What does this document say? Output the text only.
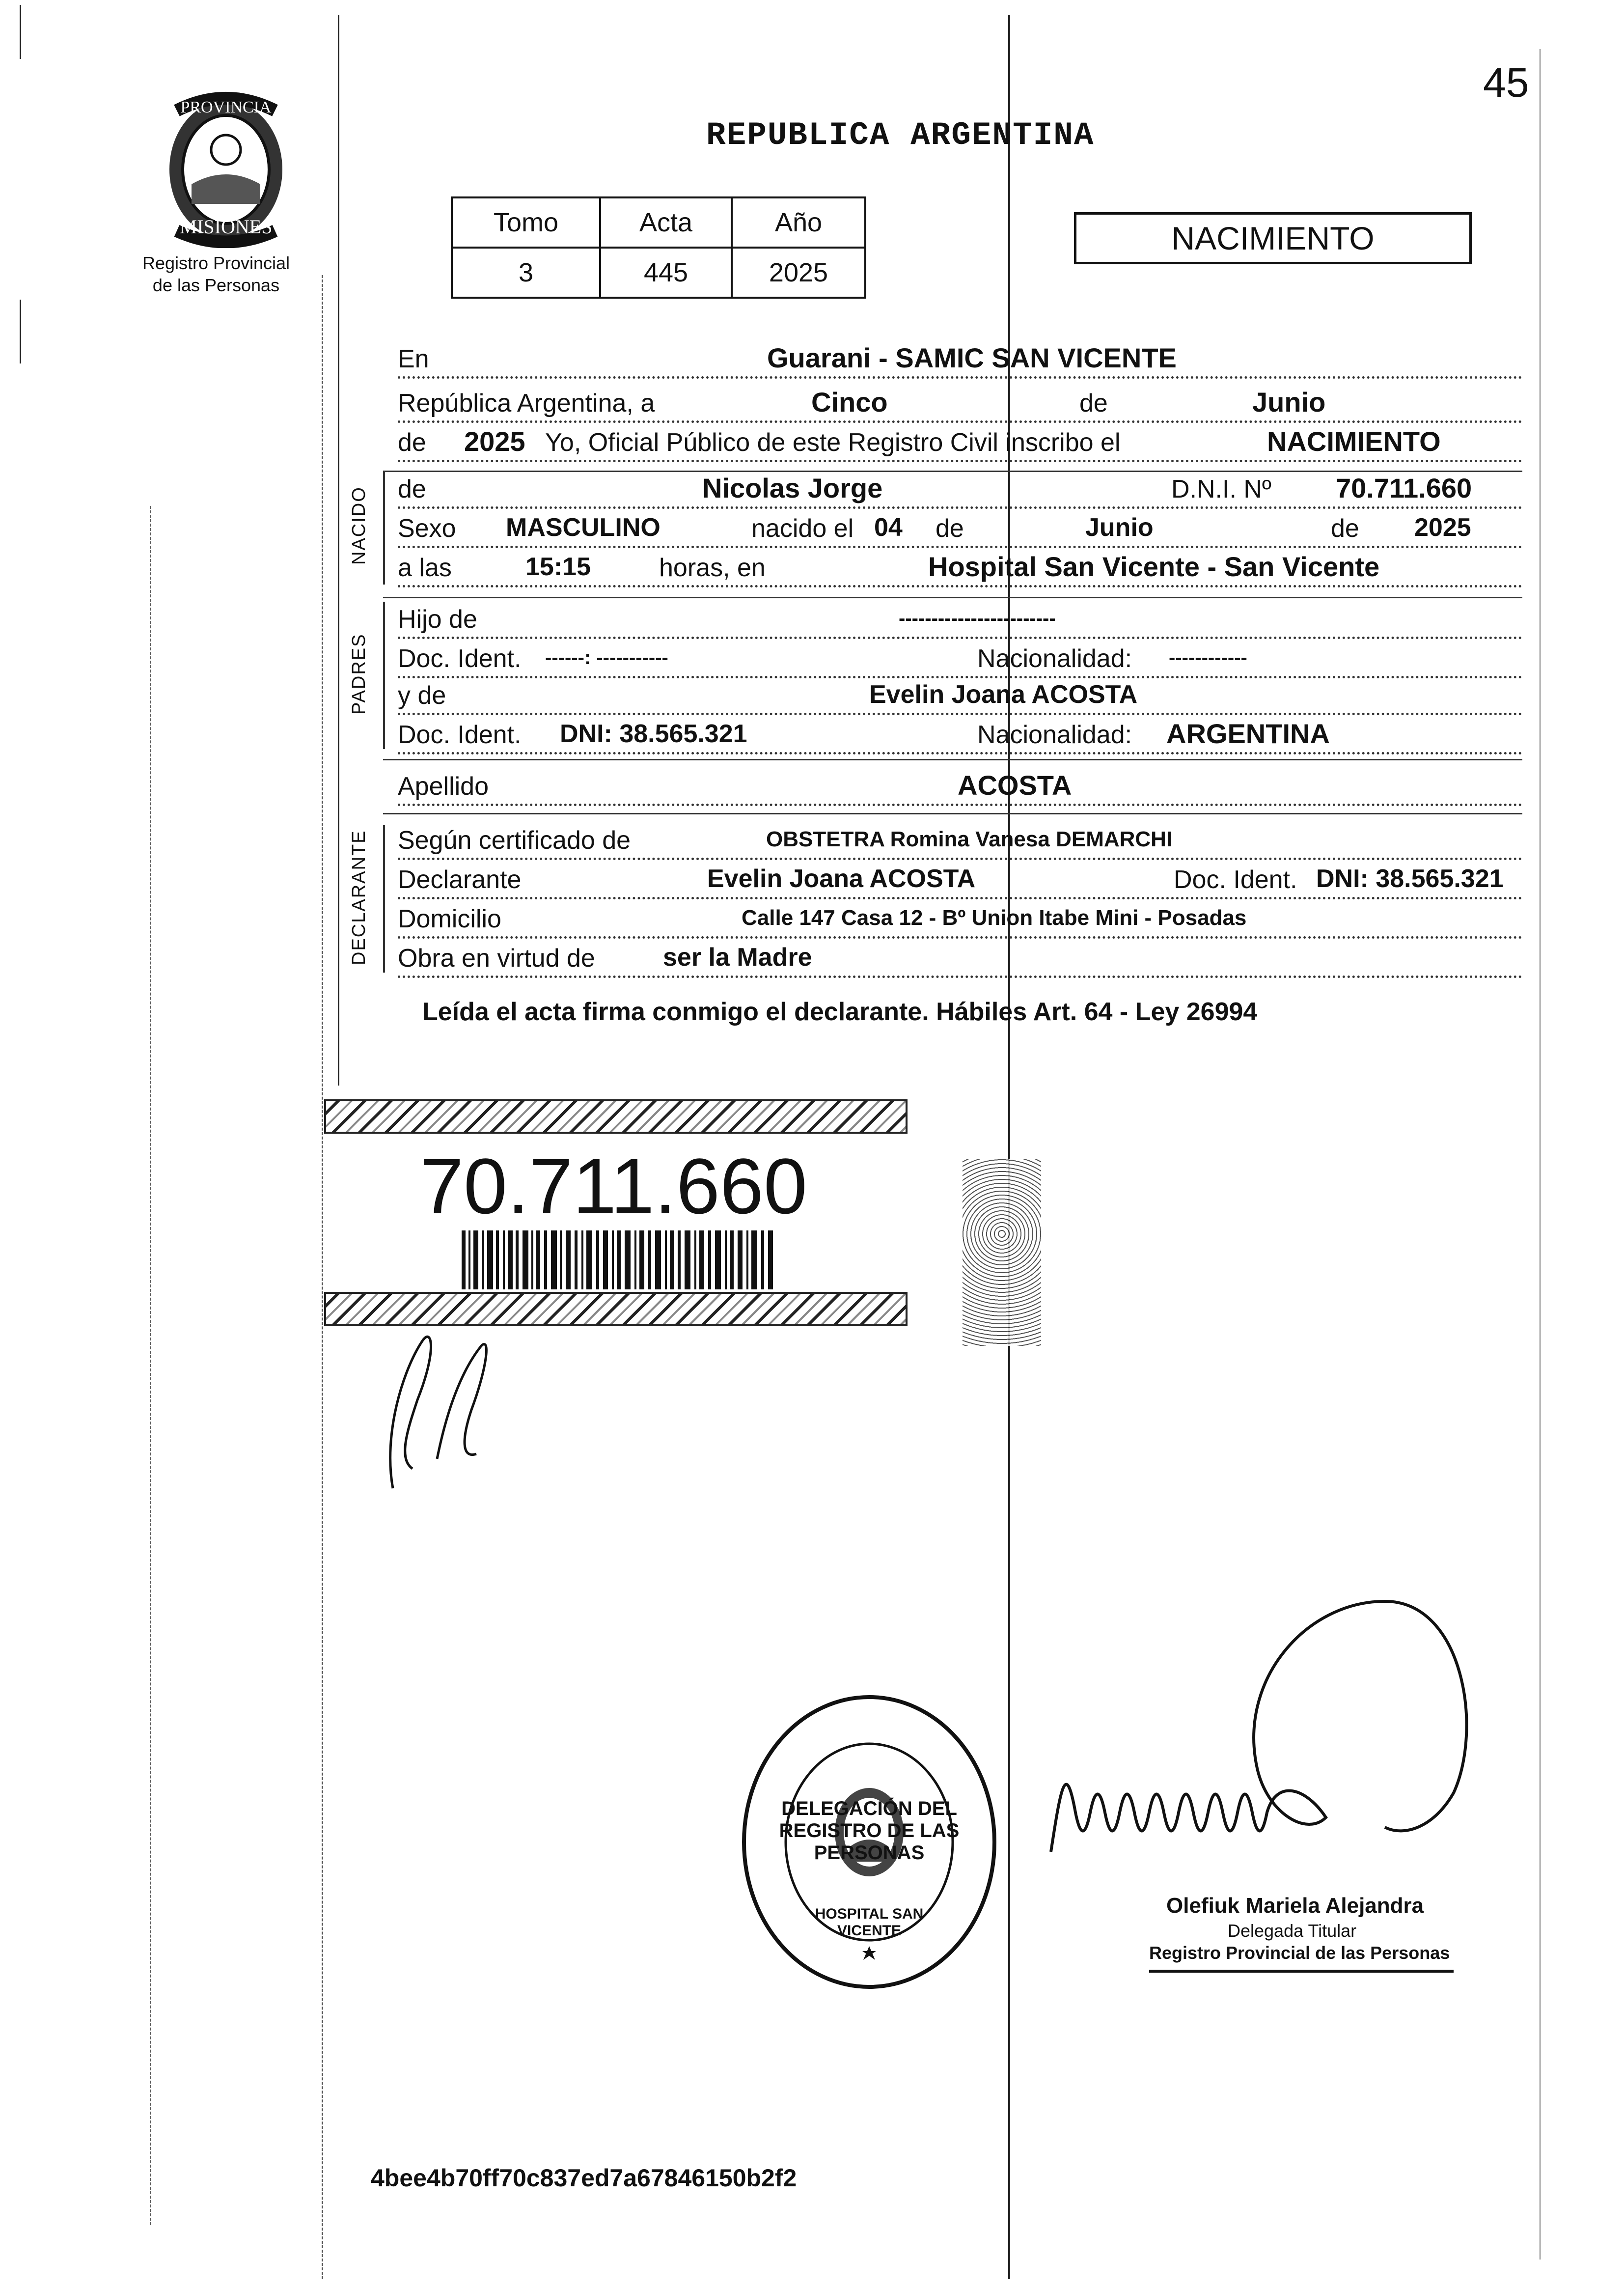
45
PROVINCIA DE
MISIONES
Registro Provincial
de las Personas
REPUBLICA ARGENTINA
Tomo	Acta	Año
3	445	2025
NACIMIENTO
En	Guarani - SAMIC SAN VICENTE
República Argentina, a	Cinco	de	Junio
de 2025 Yo, Oficial Público de este Registro Civil inscribo el	NACIMIENTO
NACIDO de	Nicolas Jorge	D.N.I. Nº 70.711.660
Sexo MASCULINO	nacido el 04 de	Junio	de 2025
a las	15:15	horas, en	Hospital San Vicente - San Vicente
PADRES
Hijo de	------------------------
Doc. Ident. ------: -----------	Nacionalidad: ------------
y de	Evelin Joana ACOSTA
Doc. Ident. DNI: 38.565.321	Nacionalidad: ARGENTINA
Apellido	ACOSTA
DECLARANTE Según certificado de	OBSTETRA Romina Vanesa DEMARCHI
Declarante	Evelin Joana ACOSTA	Doc. Ident. DNI: 38.565.321
Domicilio	Calle 147 Casa 12 - Bº Union Itabe Mini - Posadas
Obra en virtud de	ser la Madre
Leída el acta firma conmigo el declarante. Hábiles Art. 64 - Ley 26994
70.711.660
DELEGACIÓN DEL REGISTRO DE LAS PERSONAS
HOSPITAL SAN VICENTE
Olefiuk Mariela Alejandra
Delegada Titular
Registro Provincial de las Personas
4bee4b70ff70c837ed7a67846150b2f2
